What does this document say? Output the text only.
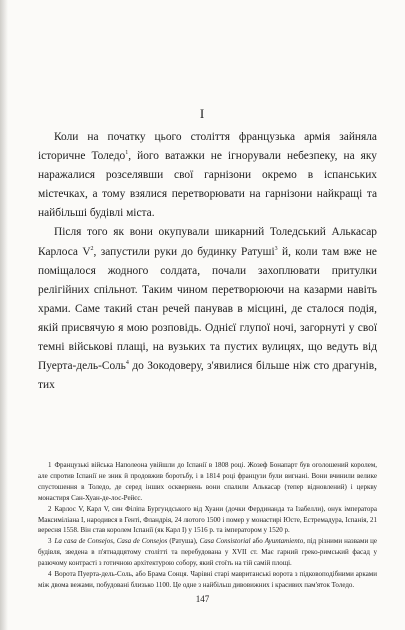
I

Коли на початку цього століття французька армія зайняла історичне Толедо$^1$, його ватажки не ігнорували небезпеку, на яку наражалися розселявши свої гарнізони окремо в іспанських містечках, а тому взялися перетворювати на гарнізони найкращі та найбільші будівлі міста.

Після того як вони окупували шикарний Толедський Алькасар Карлоса $V^2$, запустили руки до будинку Ратуші$^3$ й, коли там вже не поміщалося жодного солдата, почали захоплювати притулки релігійних спільнот. Таким чином перетворюючи на казарми навіть храми. Саме такий стан речей панував в місцині, де сталося подія, якій присвячую я мою розповідь. Однієї глупої ночі, загорнуті у свої темні військові плащі, на вузьких та пустих вулицях, що ведуть від Пуерта-дель-Соль$^4$ до Зокодоверу, з'явилися більше ніж сто драгунів, тих

1 Французькі війська Наполеона увійшли до Іспанії в 1808 році. Жозеф Бонапарт був оголошений королем, але спротив Іспанії не зник й продовжив боротьбу, і в 1814 році французи були вигнані. Вони вчинили велике спустошення в Толедо, де серед інших осквернень вони спалили Алькасар (тепер відновлений) і церкву монастиря Сан-Хуан-де-лос-Рейєс.

2 Карлос V, Карл V, син Філіпа Бургундського від Хуани (дочки Фердинанда та Ізабелли), онук імператора Максиміліана I, народився в Генті, Фландрія, 24 лютого 1500 і помер у монастирі Юсте, Естремадура, Іспанія, 21 вересня 1558. Він став королем Іспанії (як Карл I) у 1516 р. та імператором у 1520 р.

3 La casa de Consejos, Casa de Consejos (Ратуша), Casa Consistorial або Ayuntamiento, під різними назвами це будівля, зведена в п'ятнадцятому столітті та перебудована у XVII ст. Має гарний греко-римський фасад у разючому контрасті з готичною архітектурою собору, який стоїть на тій самій площі.

4 Ворота Пуерта-дель-Соль, або Брама Сонця. Чарівні старі мавританські ворота з підковоподібними арками між двома вежами, побудовані близько 1100. Це одне з найбільш дивовижних і красивих пам'яток Толедо.

147
